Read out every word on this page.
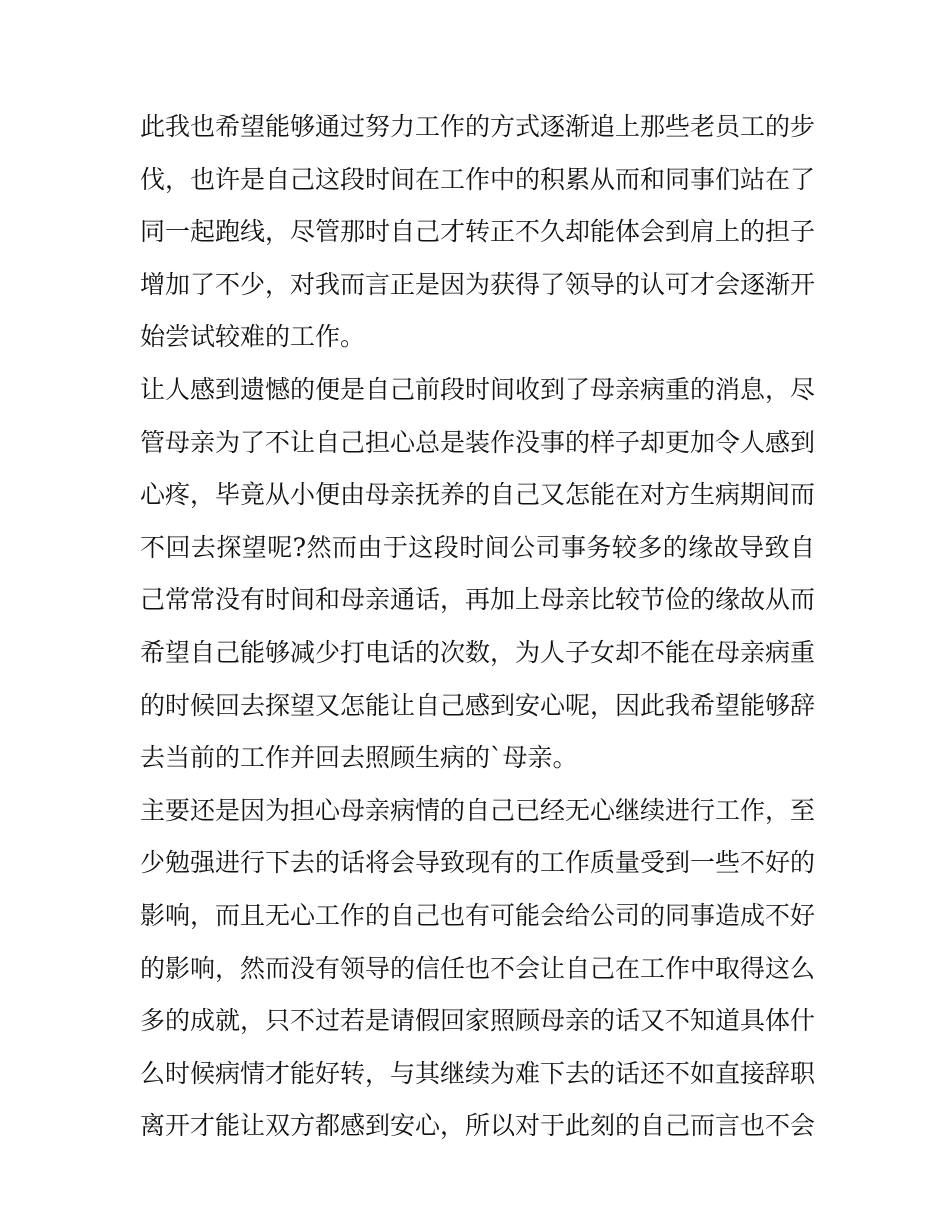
此我也希望能够通过努力工作的方式逐渐追上那些老员工的步
伐，也许是自己这段时间在工作中的积累从而和同事们站在了
同一起跑线，尽管那时自己才转正不久却能体会到肩上的担子
增加了不少，对我而言正是因为获得了领导的认可才会逐渐开
始尝试较难的工作。
让人感到遗憾的便是自己前段时间收到了母亲病重的消息，尽
管母亲为了不让自己担心总是装作没事的样子却更加令人感到
心疼，毕竟从小便由母亲抚养的自己又怎能在对方生病期间而
不回去探望呢?然而由于这段时间公司事务较多的缘故导致自
己常常没有时间和母亲通话，再加上母亲比较节俭的缘故从而
希望自己能够减少打电话的次数，为人子女却不能在母亲病重
的时候回去探望又怎能让自己感到安心呢，因此我希望能够辞
去当前的工作并回去照顾生病的`母亲。
主要还是因为担心母亲病情的自己已经无心继续进行工作，至
少勉强进行下去的话将会导致现有的工作质量受到一些不好的
影响，而且无心工作的自己也有可能会给公司的同事造成不好
的影响，然而没有领导的信任也不会让自己在工作中取得这么
多的成就，只不过若是请假回家照顾母亲的话又不知道具体什
么时候病情才能好转，与其继续为难下去的话还不如直接辞职
离开才能让双方都感到安心，所以对于此刻的自己而言也不会
